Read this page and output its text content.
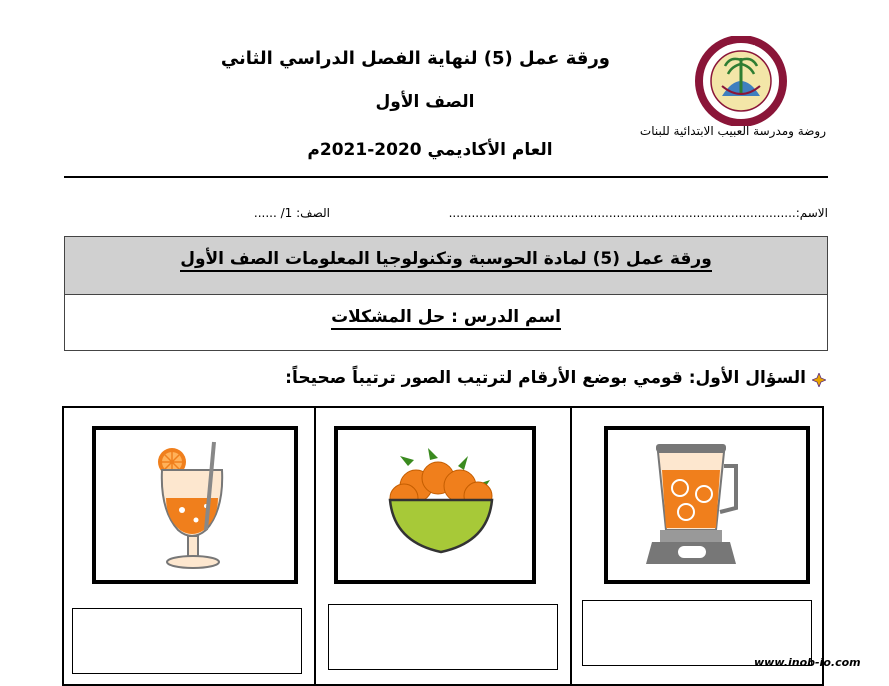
ورقة عمل (5) لنهاية الفصل الدراسي الثاني
الصف الأول
العام الأكاديمي 2020-2021م
~~~~~
روضة ومدرسة العبيب الابتدائية للبنات
الاسم:...........................................................................................
الصف: 1/ ......
ورقة عمل (5) لمادة الحوسبة وتكنولوجيا المعلومات الصف الأول
اسم الدرس : حل المشكلات
السؤال الأول: قومي بوضع الأرقام لترتيب الصور ترتيباً صحيحاً:
www.inob-io.com
